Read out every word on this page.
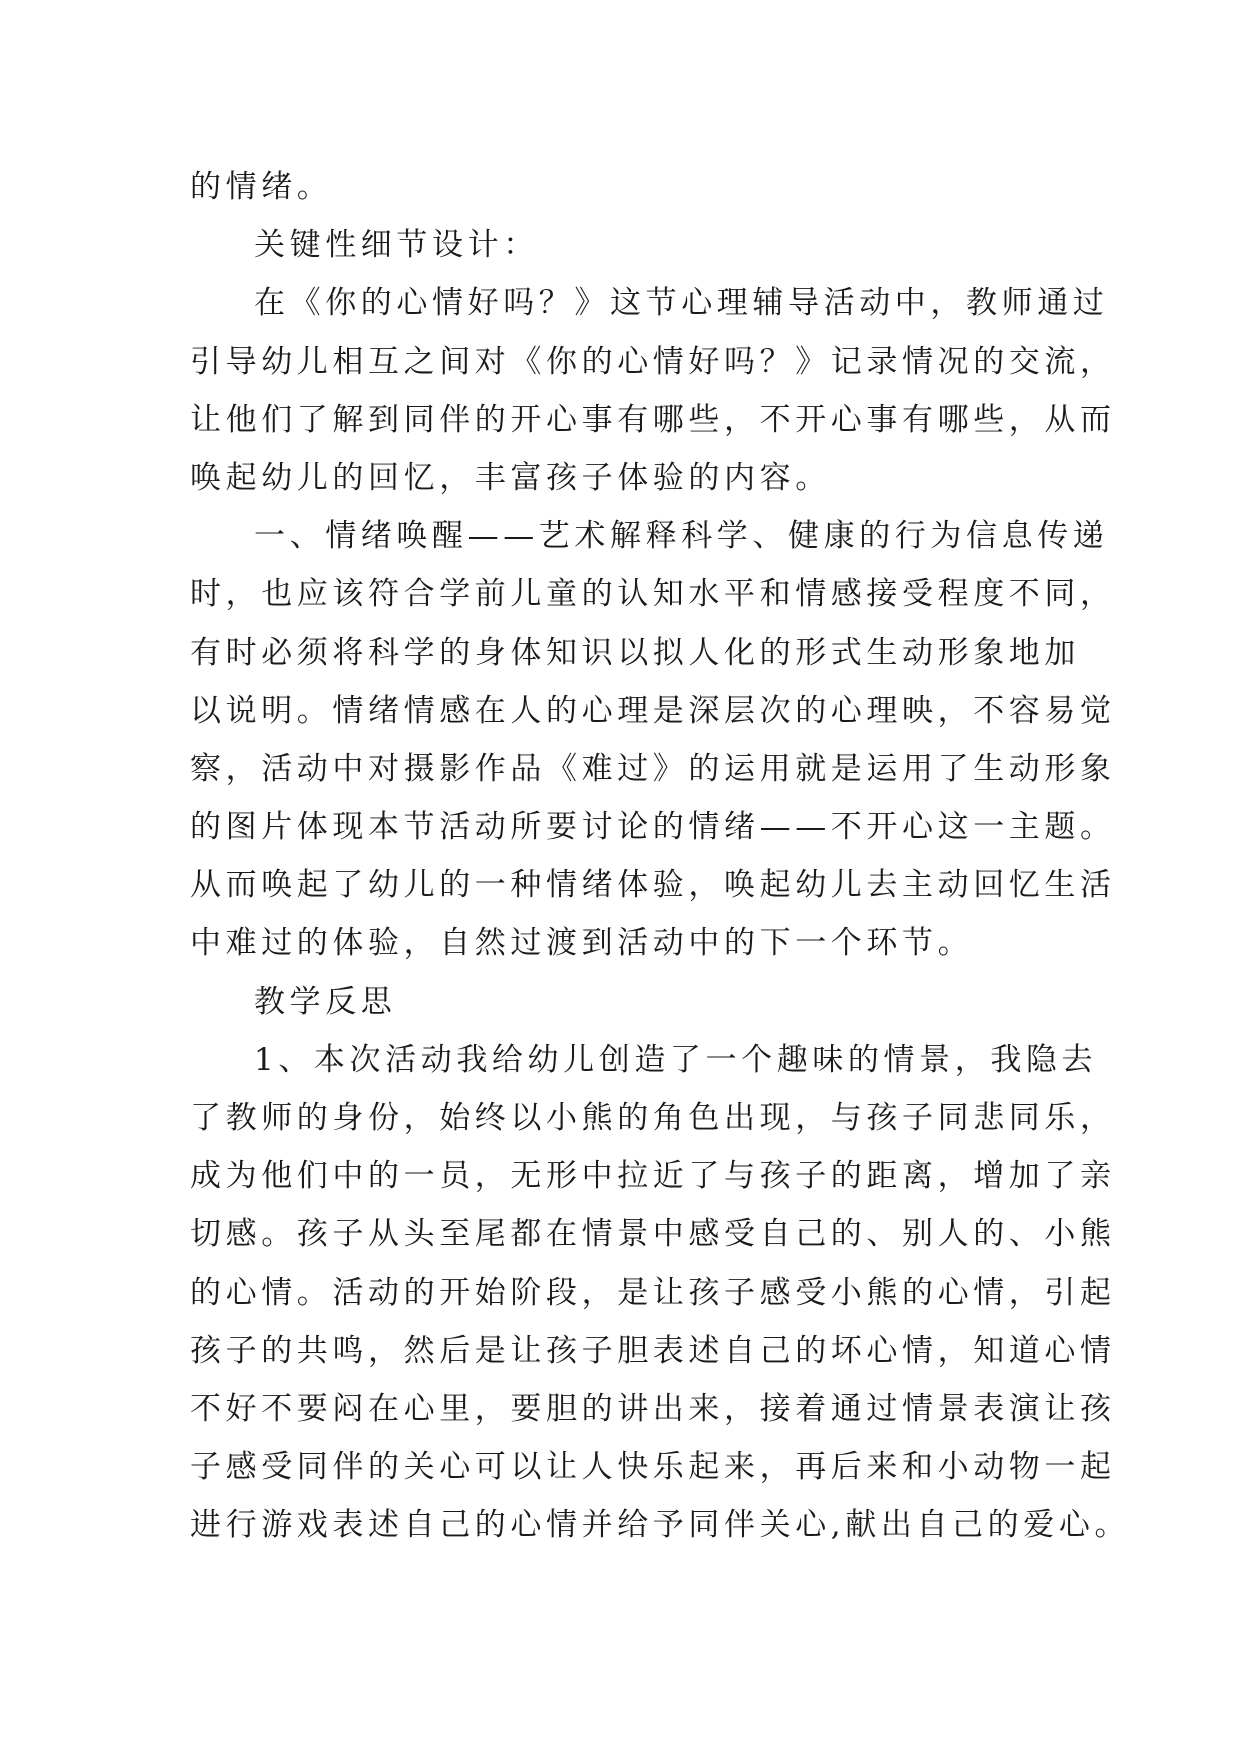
的情绪。
关键性细节设计：
在《你的心情好吗？》这节心理辅导活动中，教师通过
引导幼儿相互之间对《你的心情好吗？》记录情况的交流，
让他们了解到同伴的开心事有哪些，不开心事有哪些，从而
唤起幼儿的回忆，丰富孩子体验的内容。
一、情绪唤醒——艺术解释科学、健康的行为信息传递
时，也应该符合学前儿童的认知水平和情感接受程度不同，
有时必须将科学的身体知识以拟人化的形式生动形象地加
以说明。情绪情感在人的心理是深层次的心理映，不容易觉
察，活动中对摄影作品《难过》的运用就是运用了生动形象
的图片体现本节活动所要讨论的情绪——不开心这一主题。
从而唤起了幼儿的一种情绪体验，唤起幼儿去主动回忆生活
中难过的体验，自然过渡到活动中的下一个环节。
教学反思
1、本次活动我给幼儿创造了一个趣味的情景，我隐去
了教师的身份，始终以小熊的角色出现，与孩子同悲同乐，
成为他们中的一员，无形中拉近了与孩子的距离，增加了亲
切感。孩子从头至尾都在情景中感受自己的、别人的、小熊
的心情。活动的开始阶段，是让孩子感受小熊的心情，引起
孩子的共鸣，然后是让孩子胆表述自己的坏心情，知道心情
不好不要闷在心里，要胆的讲出来，接着通过情景表演让孩
子感受同伴的关心可以让人快乐起来，再后来和小动物一起
进行游戏表述自己的心情并给予同伴关心,献出自己的爱心。
